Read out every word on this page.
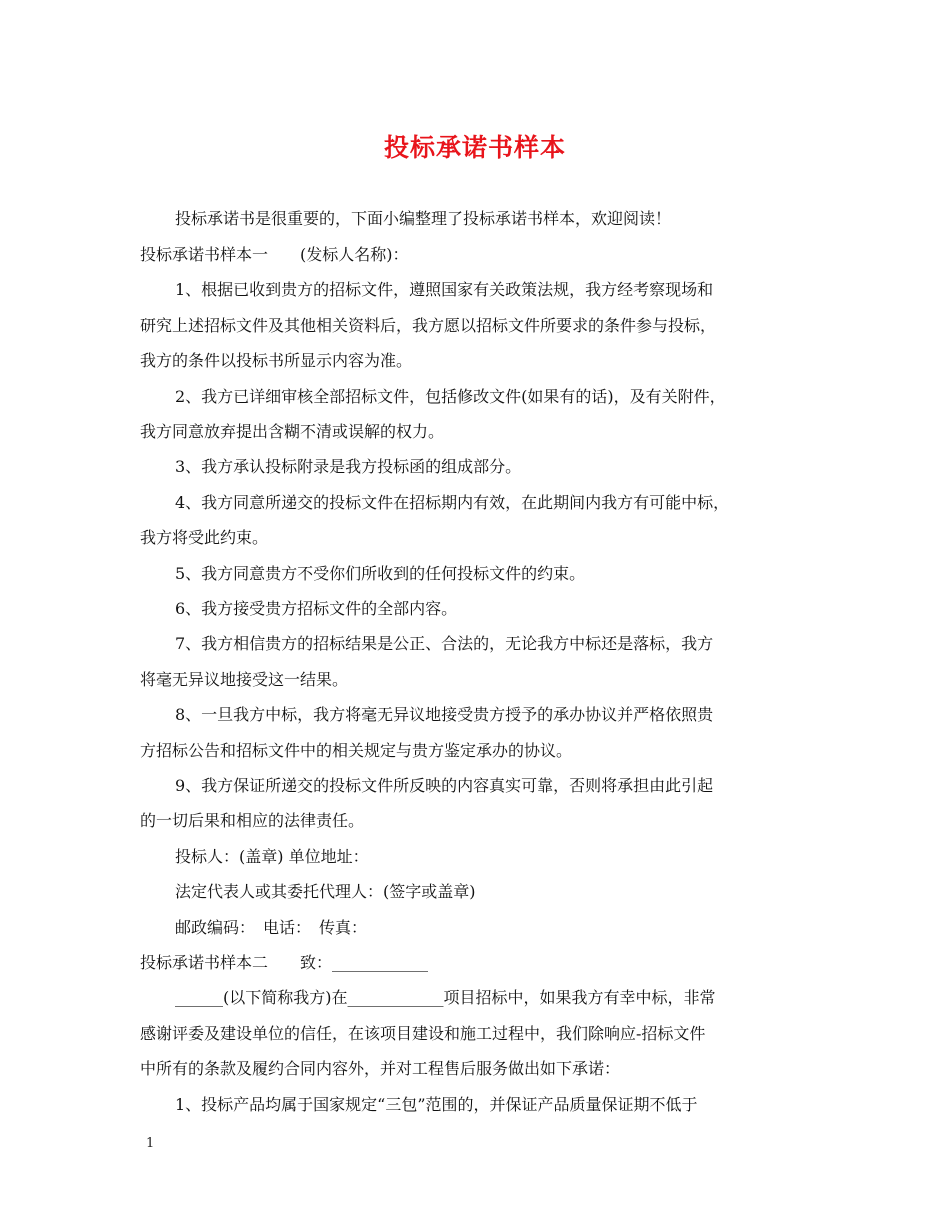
投标承诺书样本
投标承诺书是很重要的，下面小编整理了投标承诺书样本，欢迎阅读！
投标承诺书样本一　　(发标人名称)：
1、根据已收到贵方的招标文件，遵照国家有关政策法规，我方经考察现场和
研究上述招标文件及其他相关资料后，我方愿以招标文件所要求的条件参与投标，
我方的条件以投标书所显示内容为准。
2、我方已详细审核全部招标文件，包括修改文件(如果有的话)，及有关附件，
我方同意放弃提出含糊不清或误解的权力。
3、我方承认投标附录是我方投标函的组成部分。
4、我方同意所递交的投标文件在招标期内有效，在此期间内我方有可能中标，
我方将受此约束。
5、我方同意贵方不受你们所收到的任何投标文件的约束。
6、我方接受贵方招标文件的全部内容。
7、我方相信贵方的招标结果是公正、合法的，无论我方中标还是落标，我方
将毫无异议地接受这一结果。
8、一旦我方中标，我方将毫无异议地接受贵方授予的承办协议并严格依照贵
方招标公告和招标文件中的相关规定与贵方鉴定承办的协议。
9、我方保证所递交的投标文件所反映的内容真实可靠，否则将承担由此引起
的一切后果和相应的法律责任。
投标人：(盖章) 单位地址：
法定代表人或其委托代理人：(签字或盖章)
邮政编码：　电话：　传真：
投标承诺书样本二　　致：____________
______(以下简称我方)在____________项目招标中，如果我方有幸中标，非常
感谢评委及建设单位的信任，在该项目建设和施工过程中，我们除响应-招标文件
中所有的条款及履约合同内容外，并对工程售后服务做出如下承诺：
1、投标产品均属于国家规定“三包”范围的，并保证产品质量保证期不低于
1
